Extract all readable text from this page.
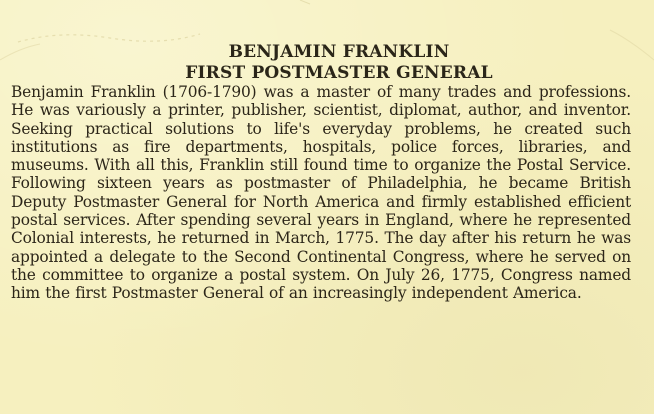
BENJAMIN FRANKLIN
FIRST POSTMASTER GENERAL

Benjamin Franklin (1706-1790) was a master of many trades and professions. He was variously a printer, publisher, scientist, diplomat, author, and inventor. Seeking practical solutions to life's everyday problems, he created such institutions as fire departments, hospitals, police forces, libraries, and museums. With all this, Franklin still found time to organize the Postal Service. Following sixteen years as postmaster of Philadelphia, he became British Deputy Postmaster General for North America and firmly established efficient postal services. After spending several years in England, where he represented Colonial interests, he returned in March, 1775. The day after his return he was appointed a delegate to the Second Continental Congress, where he served on the committee to organize a postal system. On July 26, 1775, Congress named him the first Postmaster General of an increasingly independent America.
